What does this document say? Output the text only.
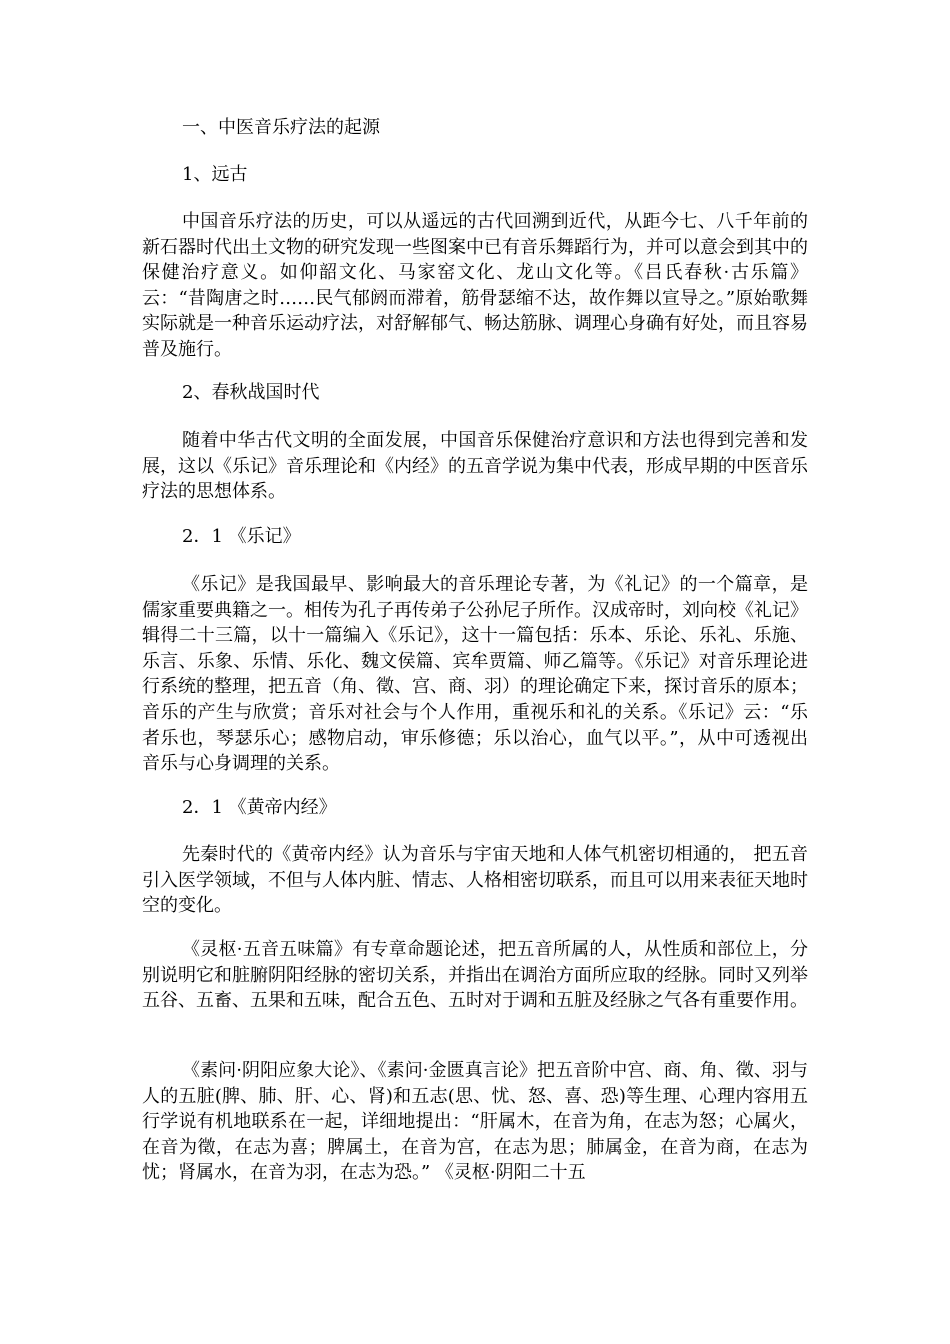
一、中医音乐疗法的起源
1、远古

中国音乐疗法的历史，可以从遥远的古代回溯到近代，从距今七、八千年前的新石器时代出土文物的研究发现一些图案中已有音乐舞蹈行为，并可以意会到其中的保健治疗意义。如仰韶文化、马家窑文化、龙山文化等。《吕氏春秋·古乐篇》云：“昔陶唐之时……民气郁阏而滞着，筋骨瑟缩不达，故作舞以宣导之。”原始歌舞实际就是一种音乐运动疗法，对舒解郁气、畅达筋脉、调理心身确有好处，而且容易普及施行。

2、春秋战国时代

随着中华古代文明的全面发展，中国音乐保健治疗意识和方法也得到完善和发展，这以《乐记》音乐理论和《内经》的五音学说为集中代表，形成早期的中医音乐疗法的思想体系。

2．1 《乐记》

《乐记》是我国最早、影响最大的音乐理论专著，为《礼记》的一个篇章，是儒家重要典籍之一。相传为孔子再传弟子公孙尼子所作。汉成帝时，刘向校《礼记》辑得二十三篇，以十一篇编入《乐记》，这十一篇包括：乐本、乐论、乐礼、乐施、乐言、乐象、乐情、乐化、魏文侯篇、宾牟贾篇、师乙篇等。《乐记》对音乐理论进行系统的整理，把五音（角、徵、宫、商、羽）的理论确定下来，探讨音乐的原本；音乐的产生与欣赏；音乐对社会与个人作用，重视乐和礼的关系。《乐记》云：“乐者乐也，琴瑟乐心；感物启动，审乐修德；乐以治心，血气以平。”，从中可透视出音乐与心身调理的关系。

2．1 《黄帝内经》

先秦时代的《黄帝内经》认为音乐与宇宙天地和人体气机密切相通的， 把五音引入医学领域，不但与人体内脏、情志、人格相密切联系，而且可以用来表征天地时空的变化。

《灵枢·五音五味篇》有专章命题论述，把五音所属的人，从性质和部位上，分别说明它和脏腑阴阳经脉的密切关系，并指出在调治方面所应取的经脉。同时又列举五谷、五畜、五果和五味，配合五色、五时对于调和五脏及经脉之气各有重要作用。

《素问·阴阳应象大论》、《素问·金匮真言论》把五音阶中宫、商、角、徵、羽与人的五脏(脾、肺、肝、心、肾)和五志(思、忧、怒、喜、恐)等生理、心理内容用五行学说有机地联系在一起，详细地提出：“肝属木，在音为角，在志为怒；心属火，在音为徵，在志为喜；脾属土，在音为宫，在志为思；肺属金，在音为商，在志为忧；肾属水，在音为羽，在志为恐。” 《灵枢·阴阳二十五
